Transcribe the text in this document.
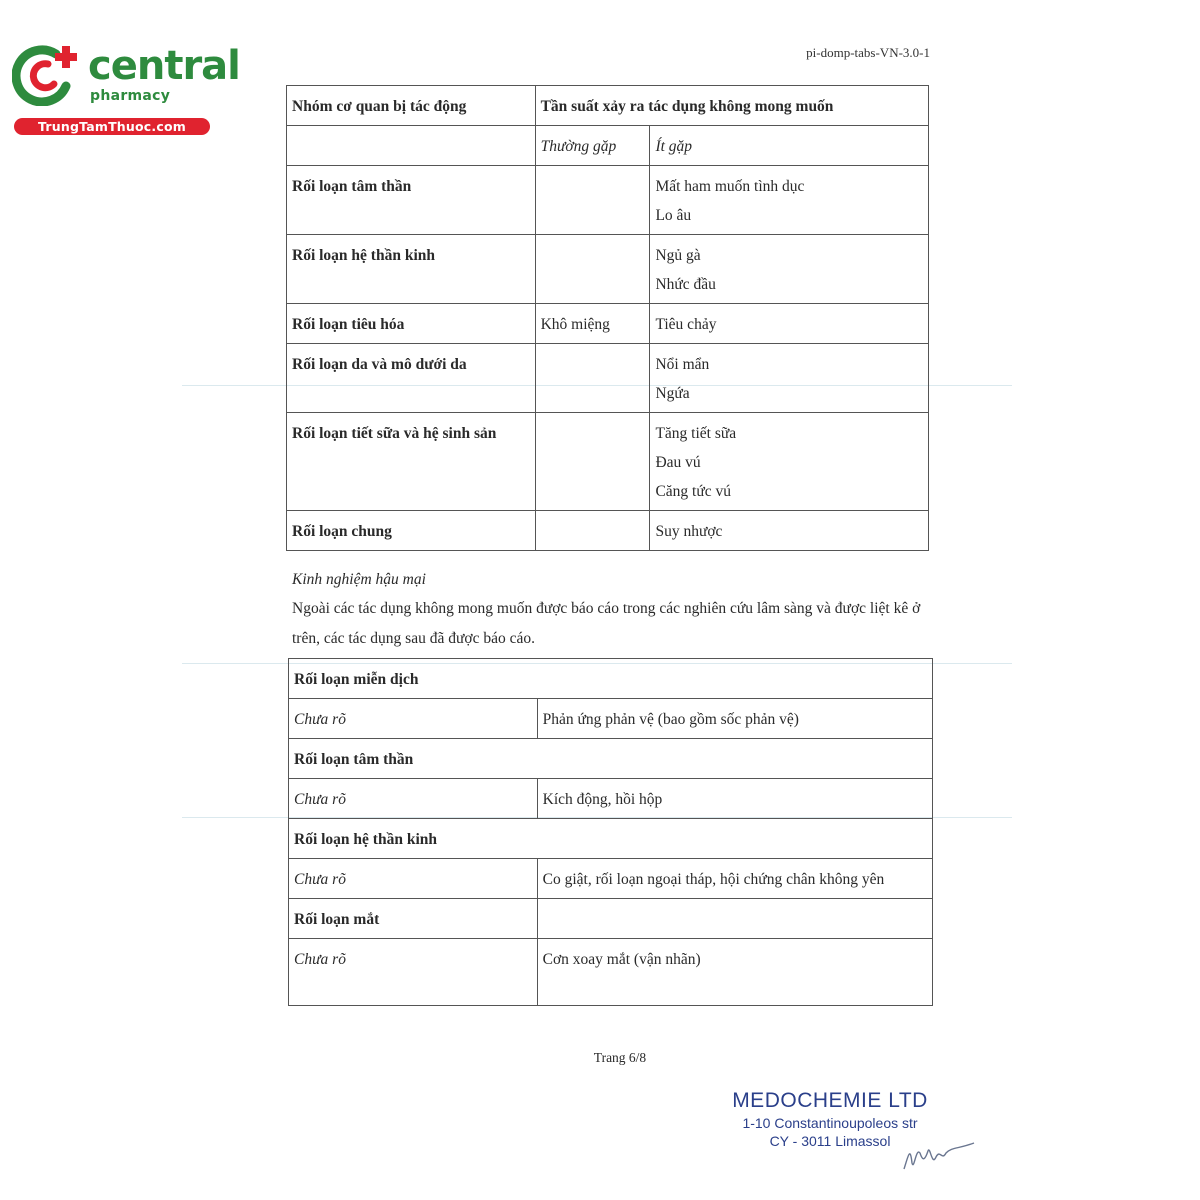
central
pharmacy
TrungTamThuoc.com
pi-domp-tabs-VN-3.0-1
Nhóm cơ quan bị tác động	Tần suất xảy ra tác dụng không mong muốn	
	Thường gặp	Ít gặp
Rối loạn tâm thần		Mất ham muốn tình dục
Lo âu

Rối loạn hệ thần kinh		Ngủ gà
Nhức đầu

Rối loạn tiêu hóa	Khô miệng	Tiêu chảy

Rối loạn da và mô dưới da		Nổi mẩn
Ngứa

Rối loạn tiết sữa và hệ sinh sản		Tăng tiết sữa
Đau vú
Căng tức vú

Rối loạn chung		Suy nhược
Kinh nghiệm hậu mại
Ngoài các tác dụng không mong muốn được báo cáo trong các nghiên cứu lâm sàng và được liệt kê ở trên, các tác dụng sau đã được báo cáo.
Rối loạn miễn dịch	
Chưa rõ	Phản ứng phản vệ (bao gồm sốc phản vệ)
Rối loạn tâm thần	
Chưa rõ	Kích động, hồi hộp
Rối loạn hệ thần kinh	
Chưa rõ	Co giật, rối loạn ngoại tháp, hội chứng chân không yên
Rối loạn mắt	
Chưa rõ	Cơn xoay mắt (vận nhãn)
Trang 6/8
MEDOCHEMIE LTD
1-10 Constantinoupoleos str
CY - 3011 Limassol
